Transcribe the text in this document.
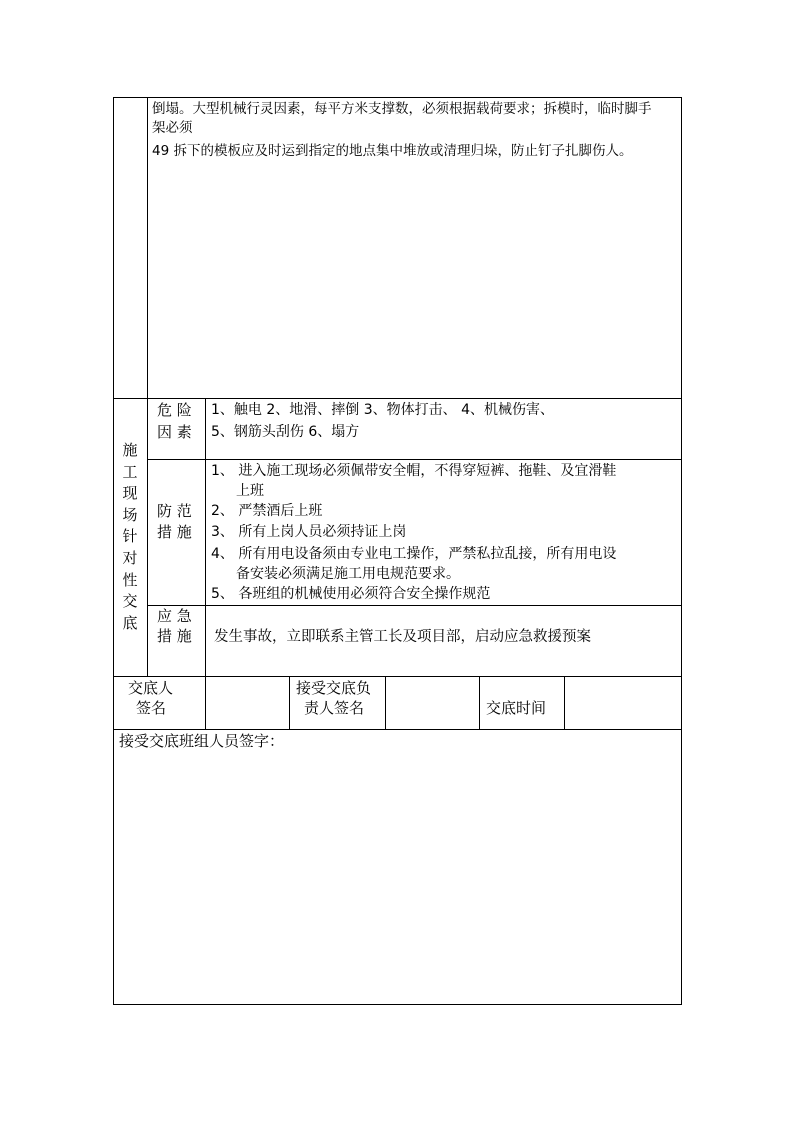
倒塌。大型机械行灵因素，每平方米支撑数，必须根据载荷要求；拆模时，临时脚手
架必须
49 拆下的模板应及时运到指定的地点集中堆放或清理归垛，防止钉子扎脚伤人。
施
工
现
场
针
对
性
交
底
危 险
因 素
1、触电 2、地滑、摔倒 3、物体打击、 4、机械伤害、
5、钢筋头刮伤 6、塌方
防 范
措 施
1、 进入施工现场必须佩带安全帽，不得穿短裤、拖鞋、及宜滑鞋
上班
2、 严禁酒后上班
3、 所有上岗人员必须持证上岗
4、 所有用电设备须由专业电工操作，严禁私拉乱接，所有用电设
备安装必须满足施工用电规范要求。
5、 各班组的机械使用必须符合安全操作规范
应 急
措 施 发生事故，立即联系主管工长及项目部，启动应急救援预案
交底人
签名
接受交底负
责人签名	交底时间
接受交底班组人员签字：
